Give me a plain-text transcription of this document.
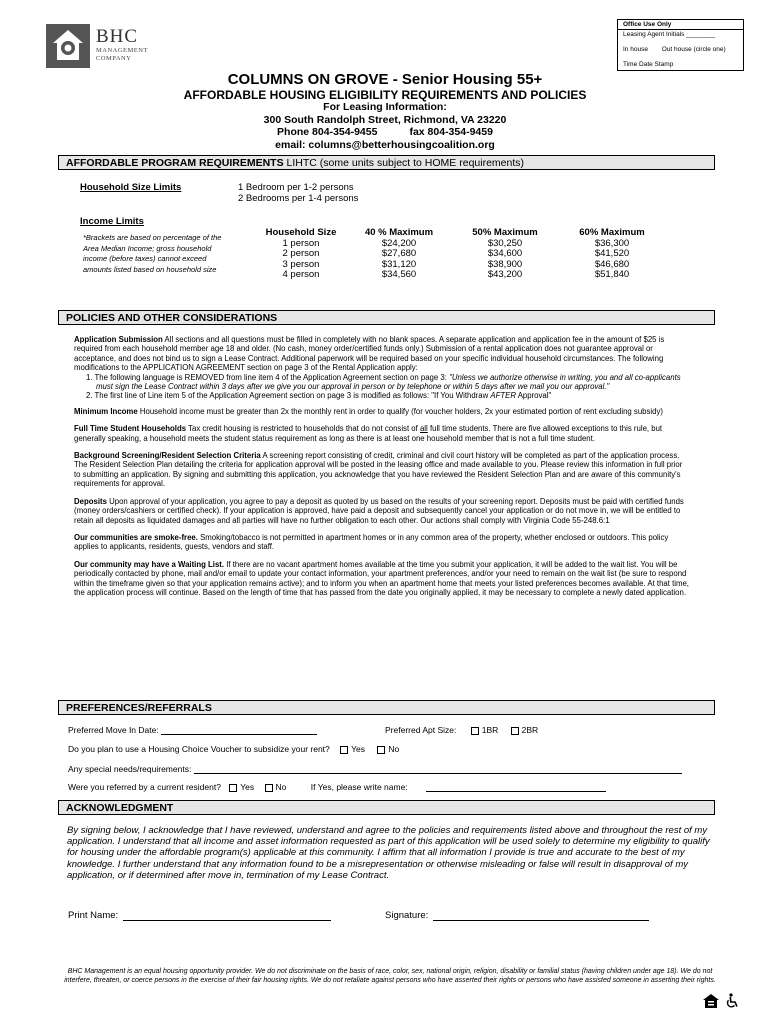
BHC
MANAGEMENT
COMPANY
Office Use Only
Leasing Agent Initials ________
In house Out house (circle one)
Time Date Stamp
COLUMNS ON GROVE - Senior Housing 55+
AFFORDABLE HOUSING ELIGIBILITY REQUIREMENTS AND POLICIES
For Leasing Information:
300 South Randolph Street, Richmond, VA 23220
Phone 804-354-9455	fax 804-354-9459
email: columns@betterhousingcoalition.org
AFFORDABLE PROGRAM REQUIREMENTS LIHTC (some units subject to HOME requirements)
Household Size Limits	1 Bedroom per 1-2 persons
2 Bedrooms per 1-4 persons
Income Limits
*Brackets are based on percentage of the Area Median Income; gross household income (before taxes) cannot exceed amounts listed based on household size
Household Size	40 % Maximum	50% Maximum	60% Maximum
1 person	$24,200	$30,250	$36,300
2 person	$27,680	$34,600	$41,520
3 person	$31,120	$38,900	$46,680
4 person	$34,560	$43,200	$51,840
POLICIES AND OTHER CONSIDERATIONS
Application Submission All sections and all questions must be filled in completely with no blank spaces. A separate application and application fee in the amount of $25 is required from each household member age 18 and older. (No cash, money order/certified funds only.) Submission of a rental application does not guarantee approval or acceptance, and does not bind us to sign a Lease Contract. Additional paperwork will be required based on your specific individual household circumstances. The following modifications to the APPLICATION AGREEMENT section on page 3 of the Rental Application apply:

1. The following language is REMOVED from line item 4 of the Application Agreement section on page 3: "Unless we authorize otherwise in writing, you and all co-applicants must sign the Lease Contract within 3 days after we give you our approval in person or by telephone or within 5 days after we mail you our approval."

2. The first line of Line item 5 of the Application Agreement section on page 3 is modified as follows: "If You Withdraw AFTER Approval"

Minimum Income Household income must be greater than 2x the monthly rent in order to qualify (for voucher holders, 2x your estimated portion of rent excluding subsidy)
Full Time Student Households Tax credit housing is restricted to households that do not consist of all full time students. There are five allowed exceptions to this rule, but generally speaking, a household meets the student status requirement as long as there is at least one household member that is not a full time student.
Background Screening/Resident Selection Criteria A screening report consisting of credit, criminal and civil court history will be completed as part of the application process. The Resident Selection Plan detailing the criteria for application approval will be posted in the leasing office and made available to you. Please review this information in full prior to submitting an application. By signing and submitting this application, you acknowledge that you have reviewed the Resident Selection Plan and are aware of this community's requirements for approval.
Deposits Upon approval of your application, you agree to pay a deposit as quoted by us based on the results of your screening report. Deposits must be paid with certified funds (money orders/cashiers or certified check). If your application is approved, have paid a deposit and subsequently cancel your application or do not move in, we will be entitled to retain all deposits as liquidated damages and all parties will have no further obligation to each other. Our actions shall comply with Virginia Code 55-248.6:1
Our communities are smoke-free. Smoking/tobacco is not permitted in apartment homes or in any common area of the property, whether enclosed or outdoors. This policy applies to applicants, residents, guests, vendors and staff.
Our community may have a Waiting List. If there are no vacant apartment homes available at the time you submit your application, it will be added to the wait list. You will be periodically contacted by phone, mail and/or email to update your contact information, your apartment preferences, and/or your need to remain on the wait list (be sure to respond within the timeframe given so that your application remains active); and to inform you when an apartment home that meets your listed preferences becomes available. At that time, the application process will continue. Based on the length of time that has passed from the date you originally applied, it may be necessary to complete a newly dated application.
PREFERENCES/REFERRALS
Preferred Move In Date:	Preferred Apt Size:	1BR	2BR
Do you plan to use a Housing Choice Voucher to subsidize your rent?	Yes	No
Any special needs/requirements:
Were you referred by a current resident? Yes	No	If Yes, please write name:
ACKNOWLEDGMENT
By signing below, I acknowledge that I have reviewed, understand and agree to the policies and requirements listed above and throughout the rest of my application. I understand that all income and asset information requested as part of this application will be used solely to determine my eligibility to qualify for housing under the affordable program(s) applicable at this community. I affirm that all information I provide is true and accurate to the best of my knowledge. I further understand that any information found to be a misrepresentation or otherwise misleading or false will result in disapproval of my application, or if determined after move in, termination of my Lease Contract.
Print Name:	Signature:
BHC Management is an equal housing opportunity provider. We do not discriminate on the basis of race, color, sex, national origin, religion, disability or familial status (having children under age 18). We do not interfere, threaten, or coerce persons in the exercise of their fair housing rights. We do not retaliate against persons who have asserted their rights or persons who have assisted someone in asserting their rights.
